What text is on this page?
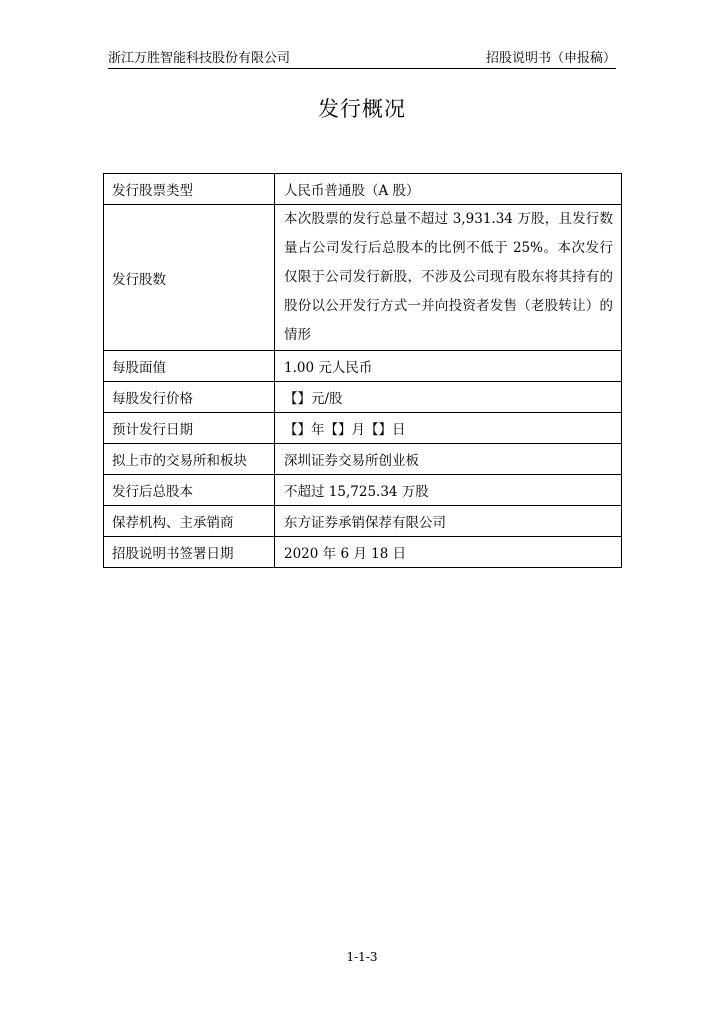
浙江万胜智能科技股份有限公司	招股说明书（申报稿）
发行概况
发行股票类型	人民币普通股（A 股）
发行股数	本次股票的发行总量不超过 3,931.34 万股，且发行数量占公司发行后总股本的比例不低于 25%。本次发行仅限于公司发行新股，不涉及公司现有股东将其持有的股份以公开发行方式一并向投资者发售（老股转让）的情形
每股面值	1.00 元人民币
每股发行价格	【】元/股
预计发行日期	【】年【】月【】日
拟上市的交易所和板块	深圳证券交易所创业板
发行后总股本	不超过 15,725.34 万股
保荐机构、主承销商	东方证券承销保荐有限公司
招股说明书签署日期	2020 年 6 月 18 日
1-1-3
